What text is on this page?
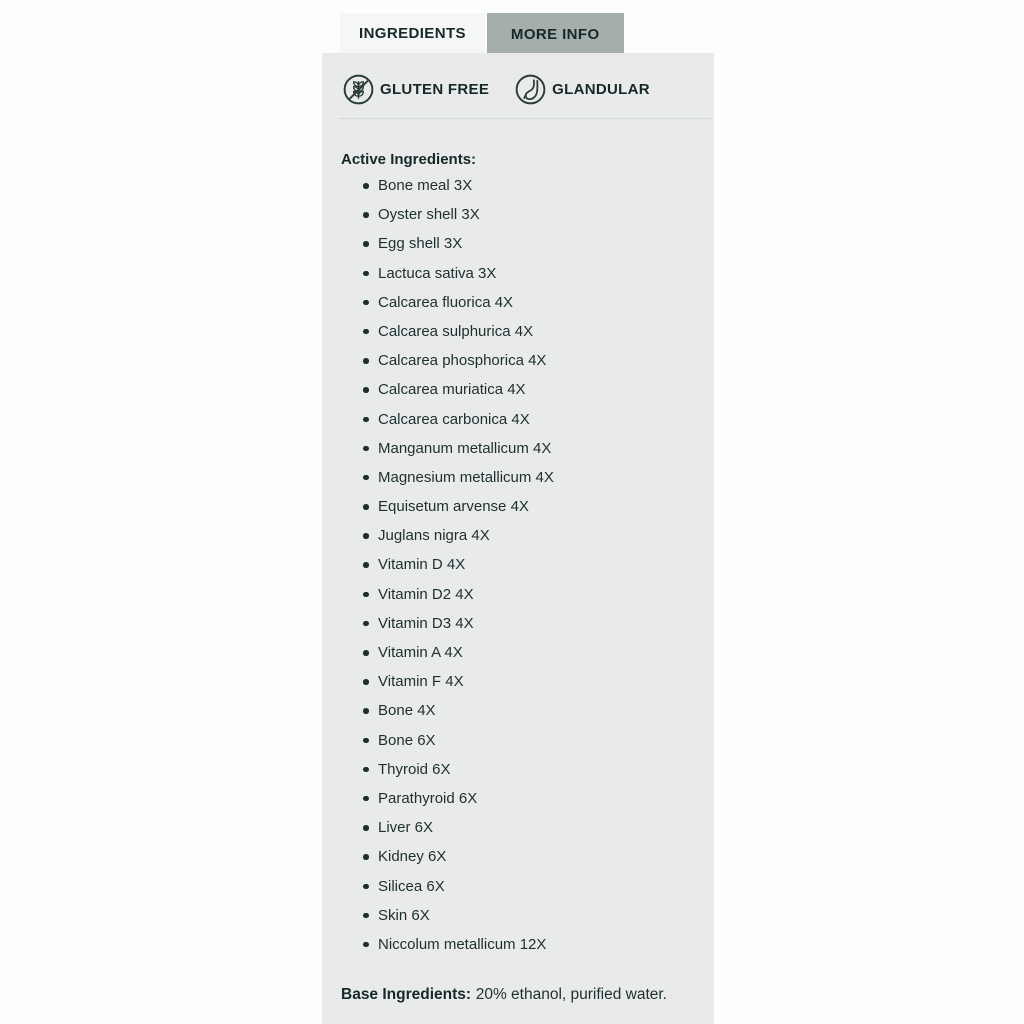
INGREDIENTS	MORE INFO
GLUTEN FREE	GLANDULAR

Active Ingredients:

Bone meal 3X
Oyster shell 3X
Egg shell 3X
Lactuca sativa 3X
Calcarea fluorica 4X
Calcarea sulphurica 4X
Calcarea phosphorica 4X
Calcarea muriatica 4X
Calcarea carbonica 4X
Manganum metallicum 4X
Magnesium metallicum 4X
Equisetum arvense 4X
Juglans nigra 4X
Vitamin D 4X
Vitamin D2 4X
Vitamin D3 4X
Vitamin A 4X
Vitamin F 4X
Bone 4X
Bone 6X
Thyroid 6X
Parathyroid 6X
Liver 6X
Kidney 6X
Silicea 6X
Skin 6X
Niccolum metallicum 12X

Base Ingredients: 20% ethanol, purified water.
